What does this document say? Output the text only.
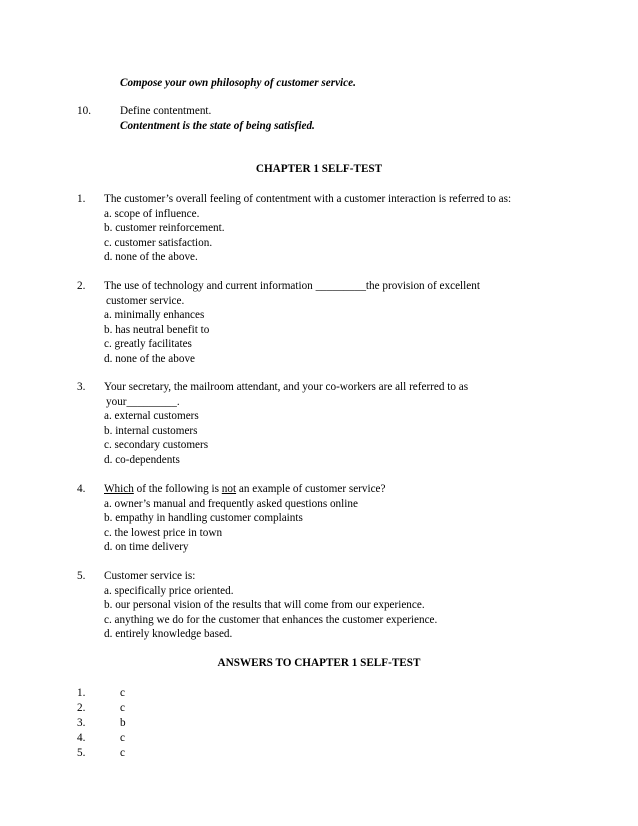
Compose your own philosophy of customer service.
10.	Define contentment.
Contentment is the state of being satisfied.
CHAPTER 1 SELF-TEST
1. The customer’s overall feeling of contentment with a customer interaction is referred to as:
a. scope of influence.
b. customer reinforcement.
c. customer satisfaction.
d. none of the above.
2. The use of technology and current information _________the provision of excellent
customer service.
a. minimally enhances
b. has neutral benefit to
c. greatly facilitates
d. none of the above
3. Your secretary, the mailroom attendant, and your co-workers are all referred to as
your_________.
a. external customers
b. internal customers
c. secondary customers
d. co-dependents
4. Which of the following is not an example of customer service?
a. owner’s manual and frequently asked questions online
b. empathy in handling customer complaints
c. the lowest price in town
d. on time delivery
5. Customer service is:
a. specifically price oriented.
b. our personal vision of the results that will come from our experience.
c. anything we do for the customer that enhances the customer experience.
d. entirely knowledge based.
ANSWERS TO CHAPTER 1 SELF-TEST
1.	c
2.	c
3.	b
4.	c
5.	c
